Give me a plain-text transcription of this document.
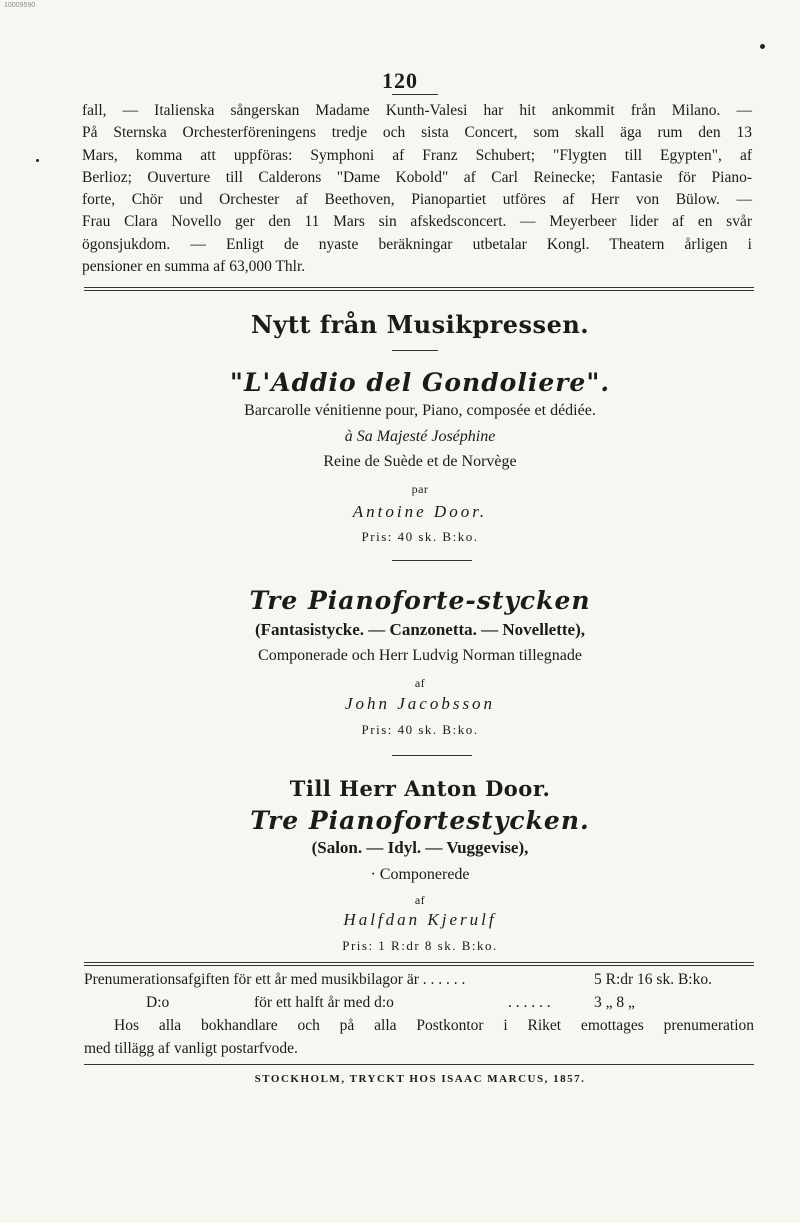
10009590
120
fall, — Italienska sångerskan Madame Kunth-Valesi har hit ankommit från Milano. —
På Sternska Orchesterföreningens tredje och sista Concert, som skall äga rum den 13
Mars, komma att uppföras: Symphoni af Franz Schubert; "Flygten till Egypten", af
Berlioz; Ouverture till Calderons "Dame Kobold" af Carl Reinecke; Fantasie för Piano-
forte, Chör und Orchester af Beethoven, Pianopartiet utföres af Herr von Bülow. —
Frau Clara Novello ger den 11 Mars sin afskedsconcert. — Meyerbeer lider af en svår
ögonsjukdom. — Enligt de nyaste beräkningar utbetalar Kongl. Theatern årligen i
pensioner en summa af 63,000 Thlr.
Nytt från Musikpressen.
"L'Addio del Gondoliere".
Barcarolle vénitienne pour, Piano, composée et dédiée.
à Sa Majesté Joséphine
Reine de Suède et de Norvège
par
Antoine Door.
Pris: 40 sk. B:ko.
Tre Pianoforte-stycken
(Fantasistycke. — Canzonetta. — Novellette),
Componerade och Herr Ludvig Norman tillegnade
af
John Jacobsson
Pris: 40 sk. B:ko.
Till Herr Anton Door.
Tre Pianofortestycken.
(Salon. — Idyl. — Vuggevise),
· Componerede
af
Halfdan Kjerulf
Pris: 1 R:dr 8 sk. B:ko.
Prenumerationsafgiften för ett år med musikbilagor är . . . . . .	5 R:dr 16 sk. B:ko.
D:o	för ett halft år med d:o	. . . . . .	3 „ 8 „
Hos alla bokhandlare och på alla Postkontor i Riket emottages prenumeration
med tillägg af vanligt postarfvode.
STOCKHOLM, TRYCKT HOS ISAAC MARCUS, 1857.
